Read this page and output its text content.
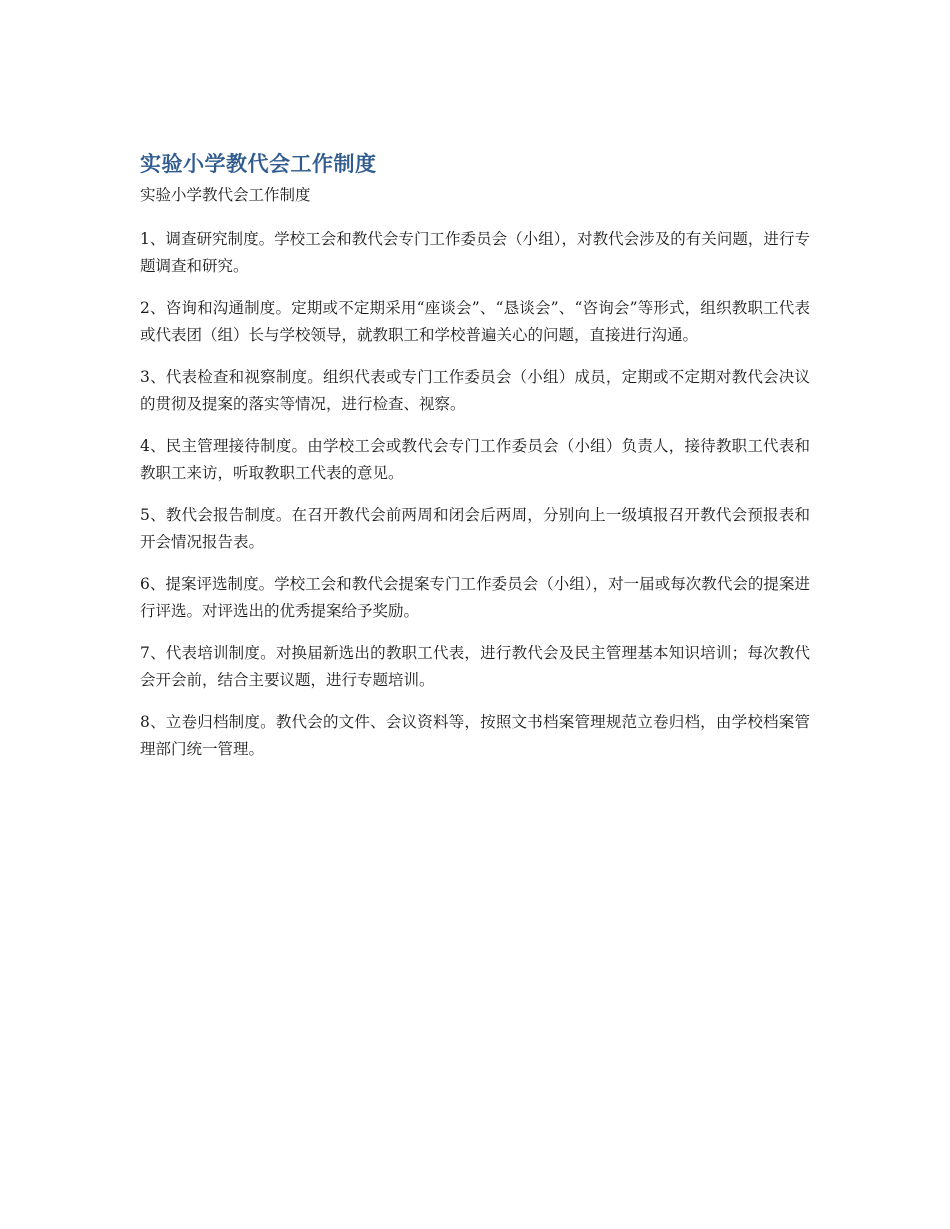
实验小学教代会工作制度
实验小学教代会工作制度

1、调查研究制度。学校工会和教代会专门工作委员会（小组），对教代会涉及的有关问题，进行专题调查和研究。

2、咨询和沟通制度。定期或不定期采用“座谈会”、“恳谈会”、“咨询会”等形式，组织教职工代表或代表团（组）长与学校领导，就教职工和学校普遍关心的问题，直接进行沟通。

3、代表检查和视察制度。组织代表或专门工作委员会（小组）成员，定期或不定期对教代会决议的贯彻及提案的落实等情况，进行检查、视察。

4、民主管理接待制度。由学校工会或教代会专门工作委员会（小组）负责人，接待教职工代表和教职工来访，听取教职工代表的意见。

5、教代会报告制度。在召开教代会前两周和闭会后两周，分别向上一级填报召开教代会预报表和开会情况报告表。

6、提案评选制度。学校工会和教代会提案专门工作委员会（小组），对一届或每次教代会的提案进行评选。对评选出的优秀提案给予奖励。

7、代表培训制度。对换届新选出的教职工代表，进行教代会及民主管理基本知识培训；每次教代会开会前，结合主要议题，进行专题培训。

8、立卷归档制度。教代会的文件、会议资料等，按照文书档案管理规范立卷归档，由学校档案管理部门统一管理。
